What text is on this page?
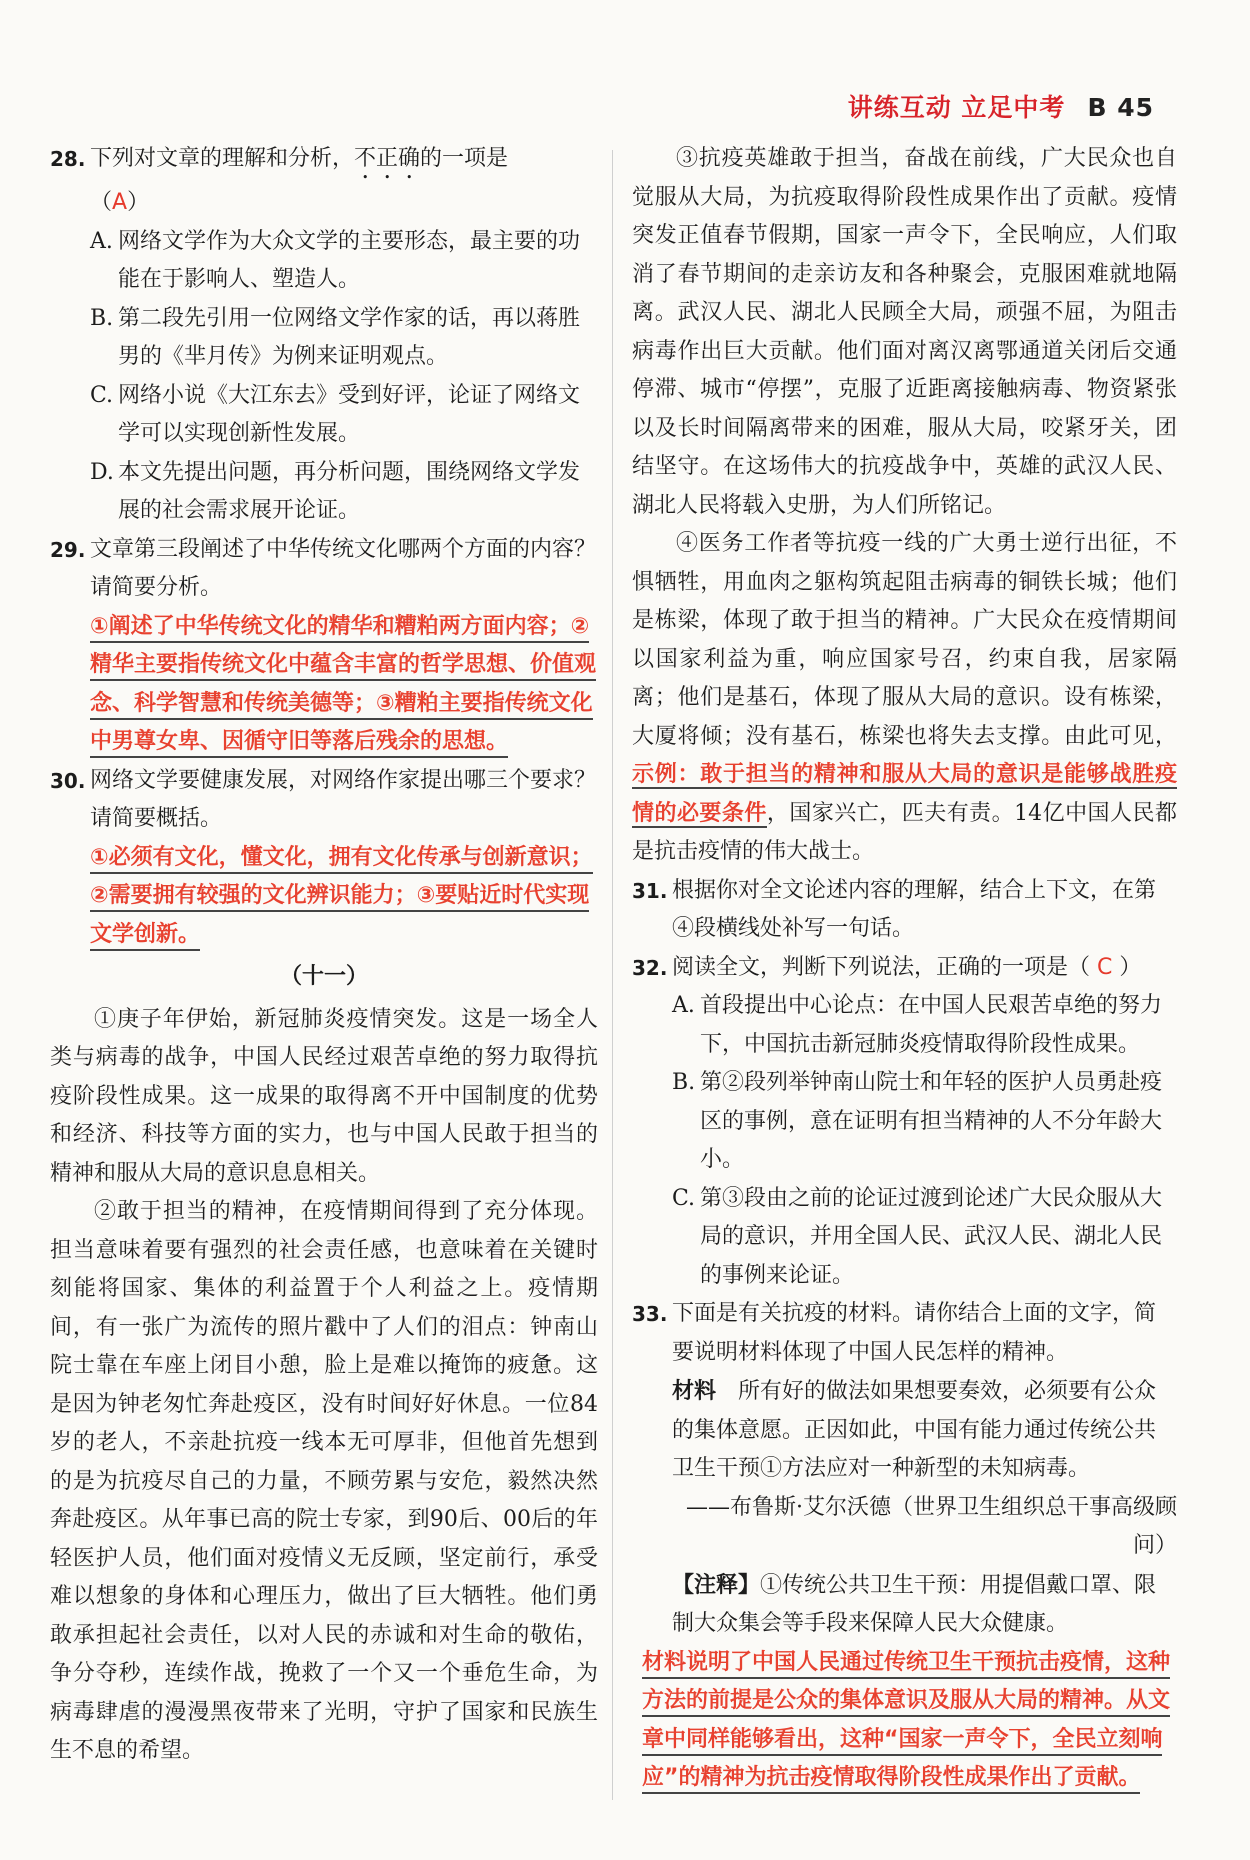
讲练互动 立足中考 B 45
28. 下列对文章的理解和分析，不正确的一项是
（A）
A. 网络文学作为大众文学的主要形态，最主要的功能在于影响人、塑造人。
B. 第二段先引用一位网络文学作家的话，再以蒋胜男的《芈月传》为例来证明观点。
C. 网络小说《大江东去》受到好评，论证了网络文学可以实现创新性发展。
D. 本文先提出问题，再分析问题，围绕网络文学发展的社会需求展开论证。
29. 文章第三段阐述了中华传统文化哪两个方面的内容？请简要分析。
①阐述了中华传统文化的精华和糟粕两方面内容；②精华主要指传统文化中蕴含丰富的哲学思想、价值观念、科学智慧和传统美德等；③糟粕主要指传统文化中男尊女卑、因循守旧等落后残余的思想。
30. 网络文学要健康发展，对网络作家提出哪三个要求？请简要概括。
①必须有文化，懂文化，拥有文化传承与创新意识；②需要拥有较强的文化辨识能力；③要贴近时代实现文学创新。
（十一）
①庚子年伊始，新冠肺炎疫情突发。这是一场全人类与病毒的战争，中国人民经过艰苦卓绝的努力取得抗疫阶段性成果。这一成果的取得离不开中国制度的优势和经济、科技等方面的实力，也与中国人民敢于担当的精神和服从大局的意识息息相关。
②敢于担当的精神，在疫情期间得到了充分体现。担当意味着要有强烈的社会责任感，也意味着在关键时刻能将国家、集体的利益置于个人利益之上。疫情期间，有一张广为流传的照片戳中了人们的泪点：钟南山院士靠在车座上闭目小憩，脸上是难以掩饰的疲惫。这是因为钟老匆忙奔赴疫区，没有时间好好休息。一位84岁的老人，不亲赴抗疫一线本无可厚非，但他首先想到的是为抗疫尽自己的力量，不顾劳累与安危，毅然决然奔赴疫区。从年事已高的院士专家，到90后、00后的年轻医护人员，他们面对疫情义无反顾，坚定前行，承受难以想象的身体和心理压力，做出了巨大牺牲。他们勇敢承担起社会责任，以对人民的赤诚和对生命的敬佑，争分夺秒，连续作战，挽救了一个又一个垂危生命，为病毒肆虐的漫漫黑夜带来了光明，守护了国家和民族生生不息的希望。
③抗疫英雄敢于担当，奋战在前线，广大民众也自觉服从大局，为抗疫取得阶段性成果作出了贡献。疫情突发正值春节假期，国家一声令下，全民响应，人们取消了春节期间的走亲访友和各种聚会，克服困难就地隔离。武汉人民、湖北人民顾全大局，顽强不屈，为阻击病毒作出巨大贡献。他们面对离汉离鄂通道关闭后交通停滞、城市“停摆”，克服了近距离接触病毒、物资紧张以及长时间隔离带来的困难，服从大局，咬紧牙关，团结坚守。在这场伟大的抗疫战争中，英雄的武汉人民、湖北人民将载入史册，为人们所铭记。
④医务工作者等抗疫一线的广大勇士逆行出征，不惧牺牲，用血肉之躯构筑起阻击病毒的铜铁长城；他们是栋梁，体现了敢于担当的精神。广大民众在疫情期间以国家利益为重，响应国家号召，约束自我，居家隔离；他们是基石，体现了服从大局的意识。设有栋梁，大厦将倾；没有基石，栋梁也将失去支撑。由此可见，示例：敢于担当的精神和服从大局的意识是能够战胜疫情的必要条件，国家兴亡，匹夫有责。14亿中国人民都是抗击疫情的伟大战士。
31. 根据你对全文论述内容的理解，结合上下文，在第④段横线处补写一句话。
32. 阅读全文，判断下列说法，正确的一项是（ C ）
A. 首段提出中心论点：在中国人民艰苦卓绝的努力下，中国抗击新冠肺炎疫情取得阶段性成果。
B. 第②段列举钟南山院士和年轻的医护人员勇赴疫区的事例，意在证明有担当精神的人不分年龄大小。
C. 第③段由之前的论证过渡到论述广大民众服从大局的意识，并用全国人民、武汉人民、湖北人民的事例来论证。
33. 下面是有关抗疫的材料。请你结合上面的文字，简要说明材料体现了中国人民怎样的精神。
材料　 所有好的做法如果想要奏效，必须要有公众的集体意愿。正因如此，中国有能力通过传统公共卫生干预①方法应对一种新型的未知病毒。
——布鲁斯·艾尔沃德（世界卫生组织总干事高级顾问）
【注释】①传统公共卫生干预：用提倡戴口罩、限制大众集会等手段来保障人民大众健康。
材料说明了中国人民通过传统卫生干预抗击疫情，这种方法的前提是公众的集体意识及服从大局的精神。从文章中同样能够看出，这种“国家一声令下，全民立刻响应”的精神为抗击疫情取得阶段性成果作出了贡献。
